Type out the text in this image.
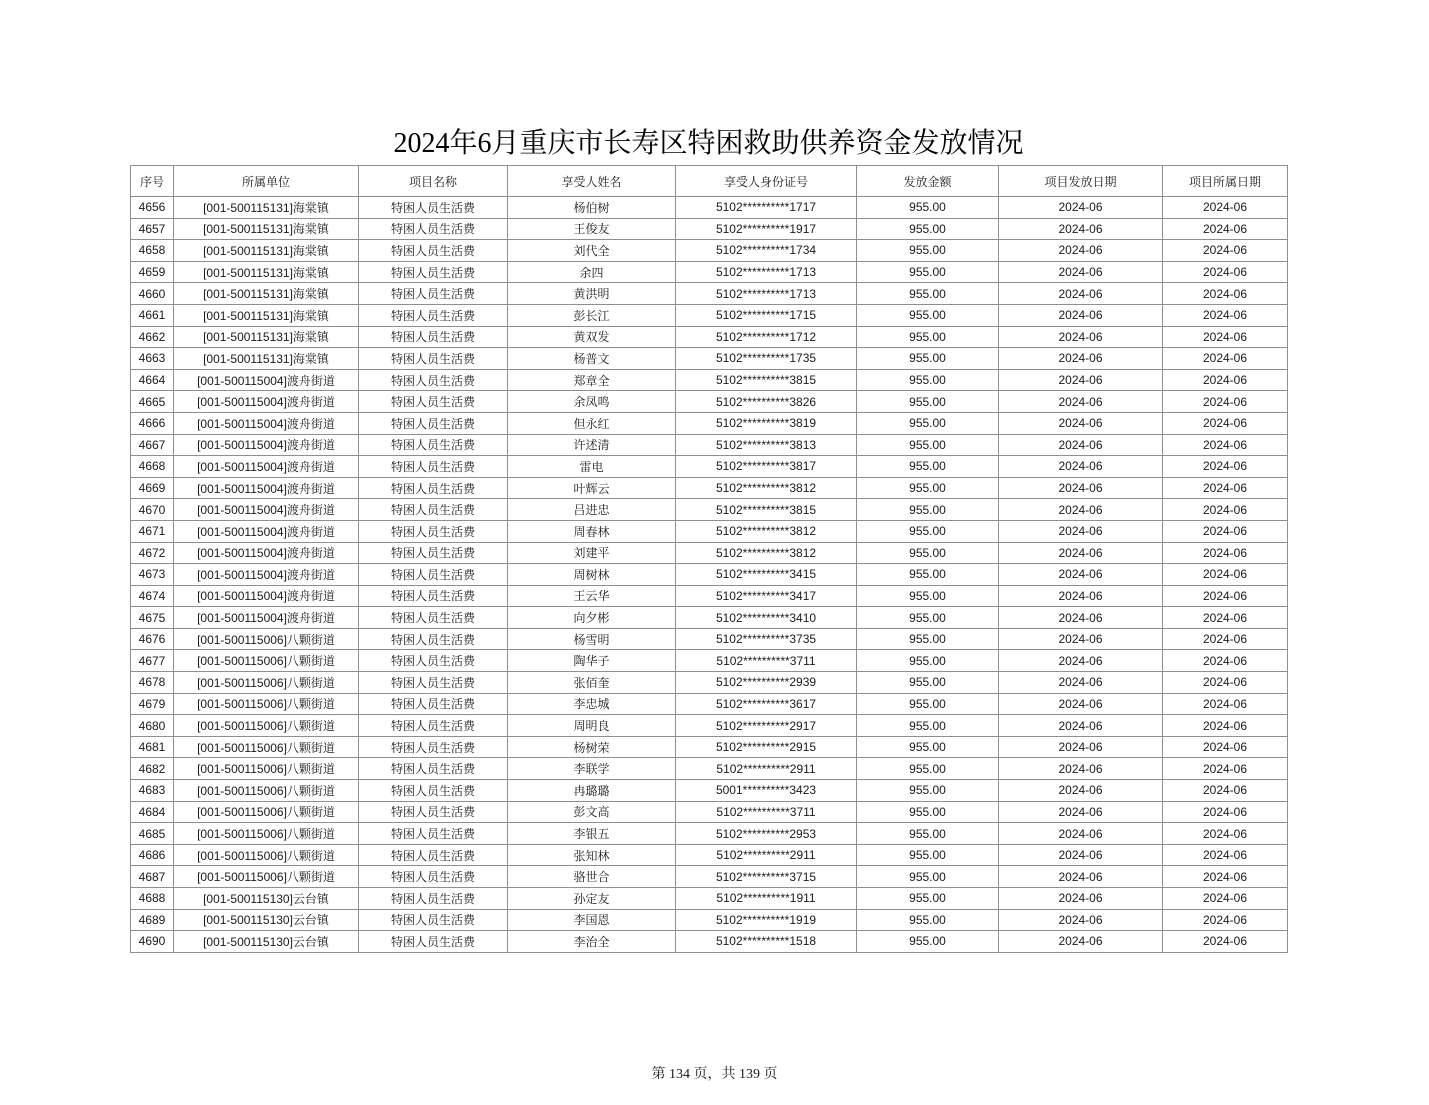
2024年6月重庆市长寿区特困救助供养资金发放情况
序号	所属单位	项目名称	享受人姓名	享受人身份证号	发放金额	项目发放日期	项目所属日期
4656	[001-500115131]海棠镇	特困人员生活费	杨伯树	5102**********1717	955.00	2024-06	2024-06
4657	[001-500115131]海棠镇	特困人员生活费	王俊友	5102**********1917	955.00	2024-06	2024-06
4658	[001-500115131]海棠镇	特困人员生活费	刘代全	5102**********1734	955.00	2024-06	2024-06
4659	[001-500115131]海棠镇	特困人员生活费	余四	5102**********1713	955.00	2024-06	2024-06
4660	[001-500115131]海棠镇	特困人员生活费	黄洪明	5102**********1713	955.00	2024-06	2024-06
4661	[001-500115131]海棠镇	特困人员生活费	彭长江	5102**********1715	955.00	2024-06	2024-06
4662	[001-500115131]海棠镇	特困人员生活费	黄双发	5102**********1712	955.00	2024-06	2024-06
4663	[001-500115131]海棠镇	特困人员生活费	杨普文	5102**********1735	955.00	2024-06	2024-06
4664	[001-500115004]渡舟街道	特困人员生活费	郑章全	5102**********3815	955.00	2024-06	2024-06
4665	[001-500115004]渡舟街道	特困人员生活费	余凤鸣	5102**********3826	955.00	2024-06	2024-06
4666	[001-500115004]渡舟街道	特困人员生活费	但永红	5102**********3819	955.00	2024-06	2024-06
4667	[001-500115004]渡舟街道	特困人员生活费	许述清	5102**********3813	955.00	2024-06	2024-06
4668	[001-500115004]渡舟街道	特困人员生活费	雷电	5102**********3817	955.00	2024-06	2024-06
4669	[001-500115004]渡舟街道	特困人员生活费	叶辉云	5102**********3812	955.00	2024-06	2024-06
4670	[001-500115004]渡舟街道	特困人员生活费	吕进忠	5102**********3815	955.00	2024-06	2024-06
4671	[001-500115004]渡舟街道	特困人员生活费	周春林	5102**********3812	955.00	2024-06	2024-06
4672	[001-500115004]渡舟街道	特困人员生活费	刘建平	5102**********3812	955.00	2024-06	2024-06
4673	[001-500115004]渡舟街道	特困人员生活费	周树林	5102**********3415	955.00	2024-06	2024-06
4674	[001-500115004]渡舟街道	特困人员生活费	王云华	5102**********3417	955.00	2024-06	2024-06
4675	[001-500115004]渡舟街道	特困人员生活费	向夕彬	5102**********3410	955.00	2024-06	2024-06
4676	[001-500115006]八颗街道	特困人员生活费	杨雪明	5102**********3735	955.00	2024-06	2024-06
4677	[001-500115006]八颗街道	特困人员生活费	陶华子	5102**********3711	955.00	2024-06	2024-06
4678	[001-500115006]八颗街道	特困人员生活费	张佰奎	5102**********2939	955.00	2024-06	2024-06
4679	[001-500115006]八颗街道	特困人员生活费	李忠城	5102**********3617	955.00	2024-06	2024-06
4680	[001-500115006]八颗街道	特困人员生活费	周明良	5102**********2917	955.00	2024-06	2024-06
4681	[001-500115006]八颗街道	特困人员生活费	杨树荣	5102**********2915	955.00	2024-06	2024-06
4682	[001-500115006]八颗街道	特困人员生活费	李联学	5102**********2911	955.00	2024-06	2024-06
4683	[001-500115006]八颗街道	特困人员生活费	冉璐璐	5001**********3423	955.00	2024-06	2024-06
4684	[001-500115006]八颗街道	特困人员生活费	彭文高	5102**********3711	955.00	2024-06	2024-06
4685	[001-500115006]八颗街道	特困人员生活费	李银五	5102**********2953	955.00	2024-06	2024-06
4686	[001-500115006]八颗街道	特困人员生活费	张知林	5102**********2911	955.00	2024-06	2024-06
4687	[001-500115006]八颗街道	特困人员生活费	骆世合	5102**********3715	955.00	2024-06	2024-06
4688	[001-500115130]云台镇	特困人员生活费	孙定友	5102**********1911	955.00	2024-06	2024-06
4689	[001-500115130]云台镇	特困人员生活费	李国恩	5102**********1919	955.00	2024-06	2024-06
4690	[001-500115130]云台镇	特困人员生活费	李治全	5102**********1518	955.00	2024-06	2024-06
第 134 页，共 139 页
